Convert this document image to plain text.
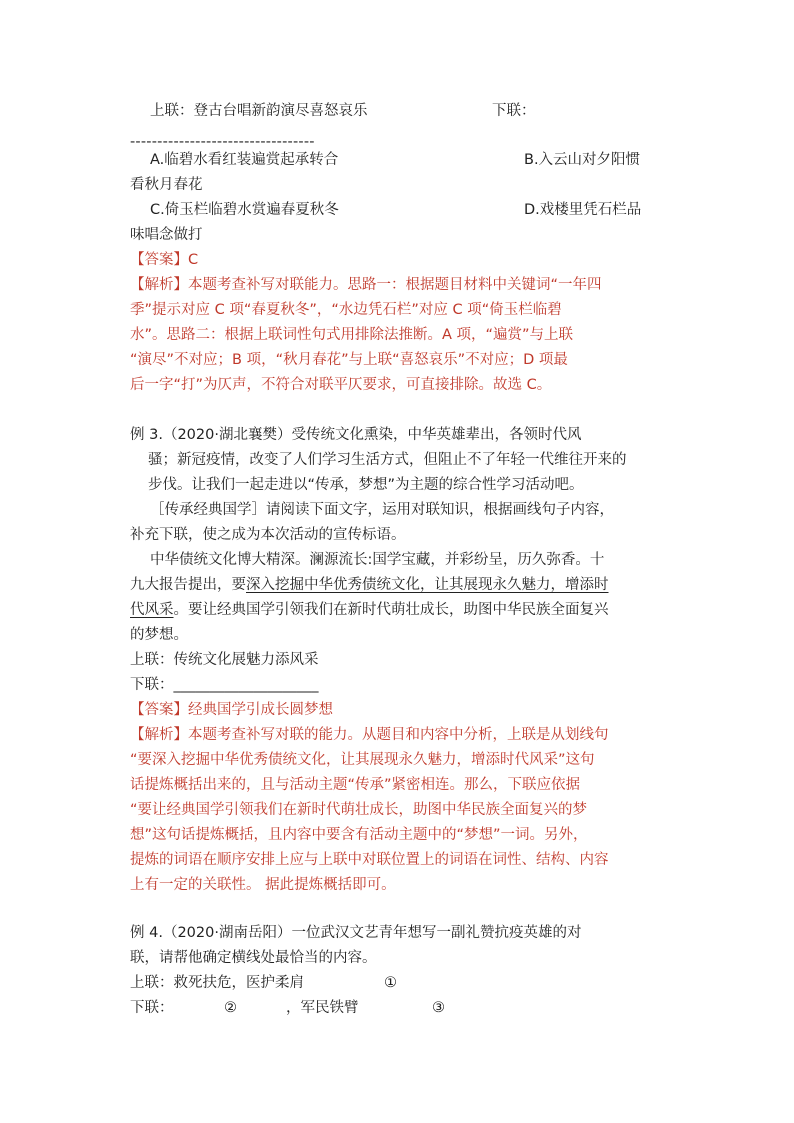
上联：登古台唱新韵演尽喜怒哀乐	下联：
----------------------------------
A.临碧水看红装遍赏起承转合	B.入云山对夕阳惯
看秋月春花
C.倚玉栏临碧水赏遍春夏秋冬	D.戏楼里凭石栏品
味唱念做打
【答案】C
【解析】本题考查补写对联能力。思路一：根据题目材料中关键词“一年四
季”提示对应 C 项“春夏秋冬”，“水边凭石栏”对应 C 项“倚玉栏临碧
水”。思路二：根据上联词性句式用排除法推断。A 项，“遍赏”与上联
“演尽”不对应；B 项，“秋月春花”与上联“喜怒哀乐”不对应；D 项最
后一字“打”为仄声，不符合对联平仄要求，可直接排除。故选 C。
例 3.（2020·湖北襄樊）受传统文化熏染，中华英雄辈出，各领时代风
骚；新冠疫情，改变了人们学习生活方式，但阻止不了年轻一代维往开来的
步伐。让我们一起走进以“传承，梦想”为主题的综合性学习活动吧。
［传承经典国学］请阅读下面文字，运用对联知识，根据画线句子内容，
补充下联，使之成为本次活动的宣传标语。
中华债统文化博大精深。澜源流长:国学宝藏，并彩纷呈，历久弥香。十
九大报告提出，要深入挖掘中华优秀债统文化，让其展现永久魅力，增添时
代风采。要让经典国学引领我们在新时代萌壮成长，助图中华民族全面复兴
的梦想。
上联：传统文化展魅力添风采
下联：____________________
【答案】经典国学引成长圆梦想
【解析】本题考查补写对联的能力。从题目和内容中分析，上联是从划线句
“要深入挖掘中华优秀债统文化，让其展现永久魅力，增添时代风采”这句
话提炼概括出来的，且与活动主题“传承”紧密相连。那么，下联应依据
“要让经典国学引领我们在新时代萌壮成长，助图中华民族全面复兴的梦
想”这句话提炼概括，且内容中要含有活动主题中的“梦想”一词。另外，
提炼的词语在顺序安排上应与上联中对联位置上的词语在词性、结构、内容
上有一定的关联性。 据此提炼概括即可。
例 4.（2020·湖南岳阳）一位武汉文艺青年想写一副礼赞抗疫英雄的对
联，请帮他确定横线处最恰当的内容。
上联：救死扶危，医护柔肩	①
下联：	②	，军民铁臂	③
